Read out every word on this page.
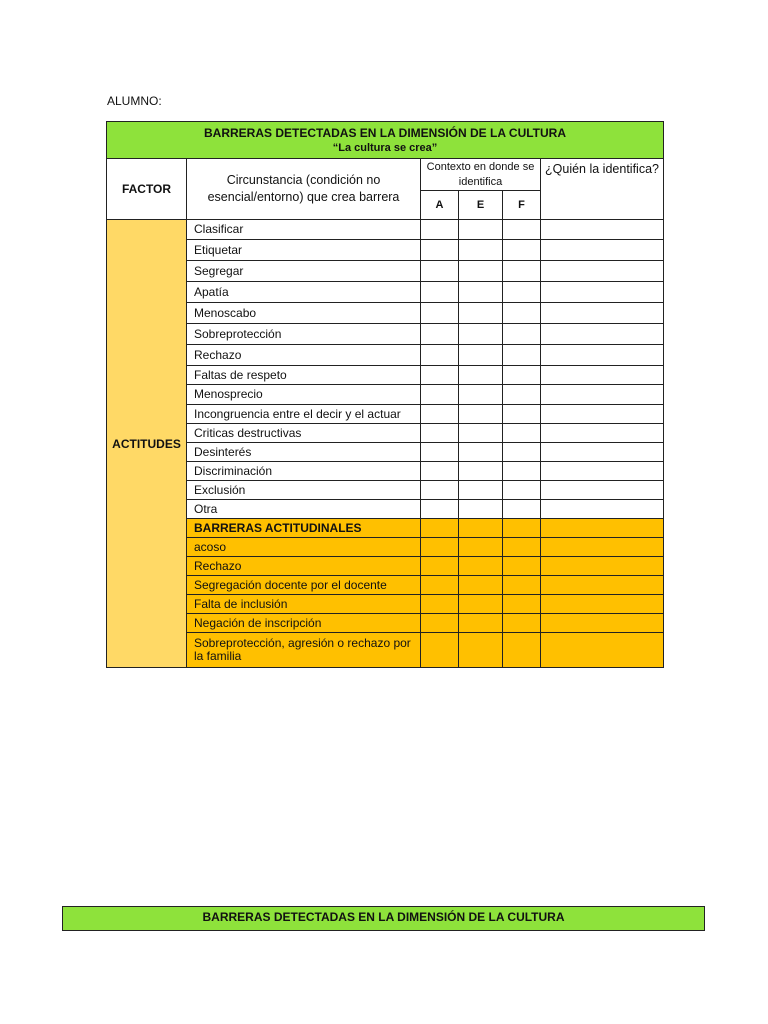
ALUMNO:
BARRERAS DETECTADAS EN LA DIMENSIÓN DE LA CULTURA
“La cultura se crea”					

FACTOR	Circunstancia (condición no esencial/entorno) que crea barrera	Contexto en donde se identifica			¿Quién la identifica?
		A	E	F	
ACTITUDES	Clasificar				
	Etiquetar				
	Segregar				
	Apatía				
	Menoscabo				
	Sobreprotección				
	Rechazo				
	Faltas de respeto				
	Menosprecio				
	Incongruencia entre el decir y el actuar				
	Criticas destructivas				
	Desinterés				
	Discriminación				
	Exclusión				
	Otra				
	BARRERAS ACTITUDINALES				
	acoso				
	Rechazo				
	Segregación docente por el docente				
	Falta de inclusión				
	Negación de inscripción				
	Sobreprotección, agresión o rechazo por la familia				
BARRERAS DETECTADAS EN LA DIMENSIÓN DE LA CULTURA
